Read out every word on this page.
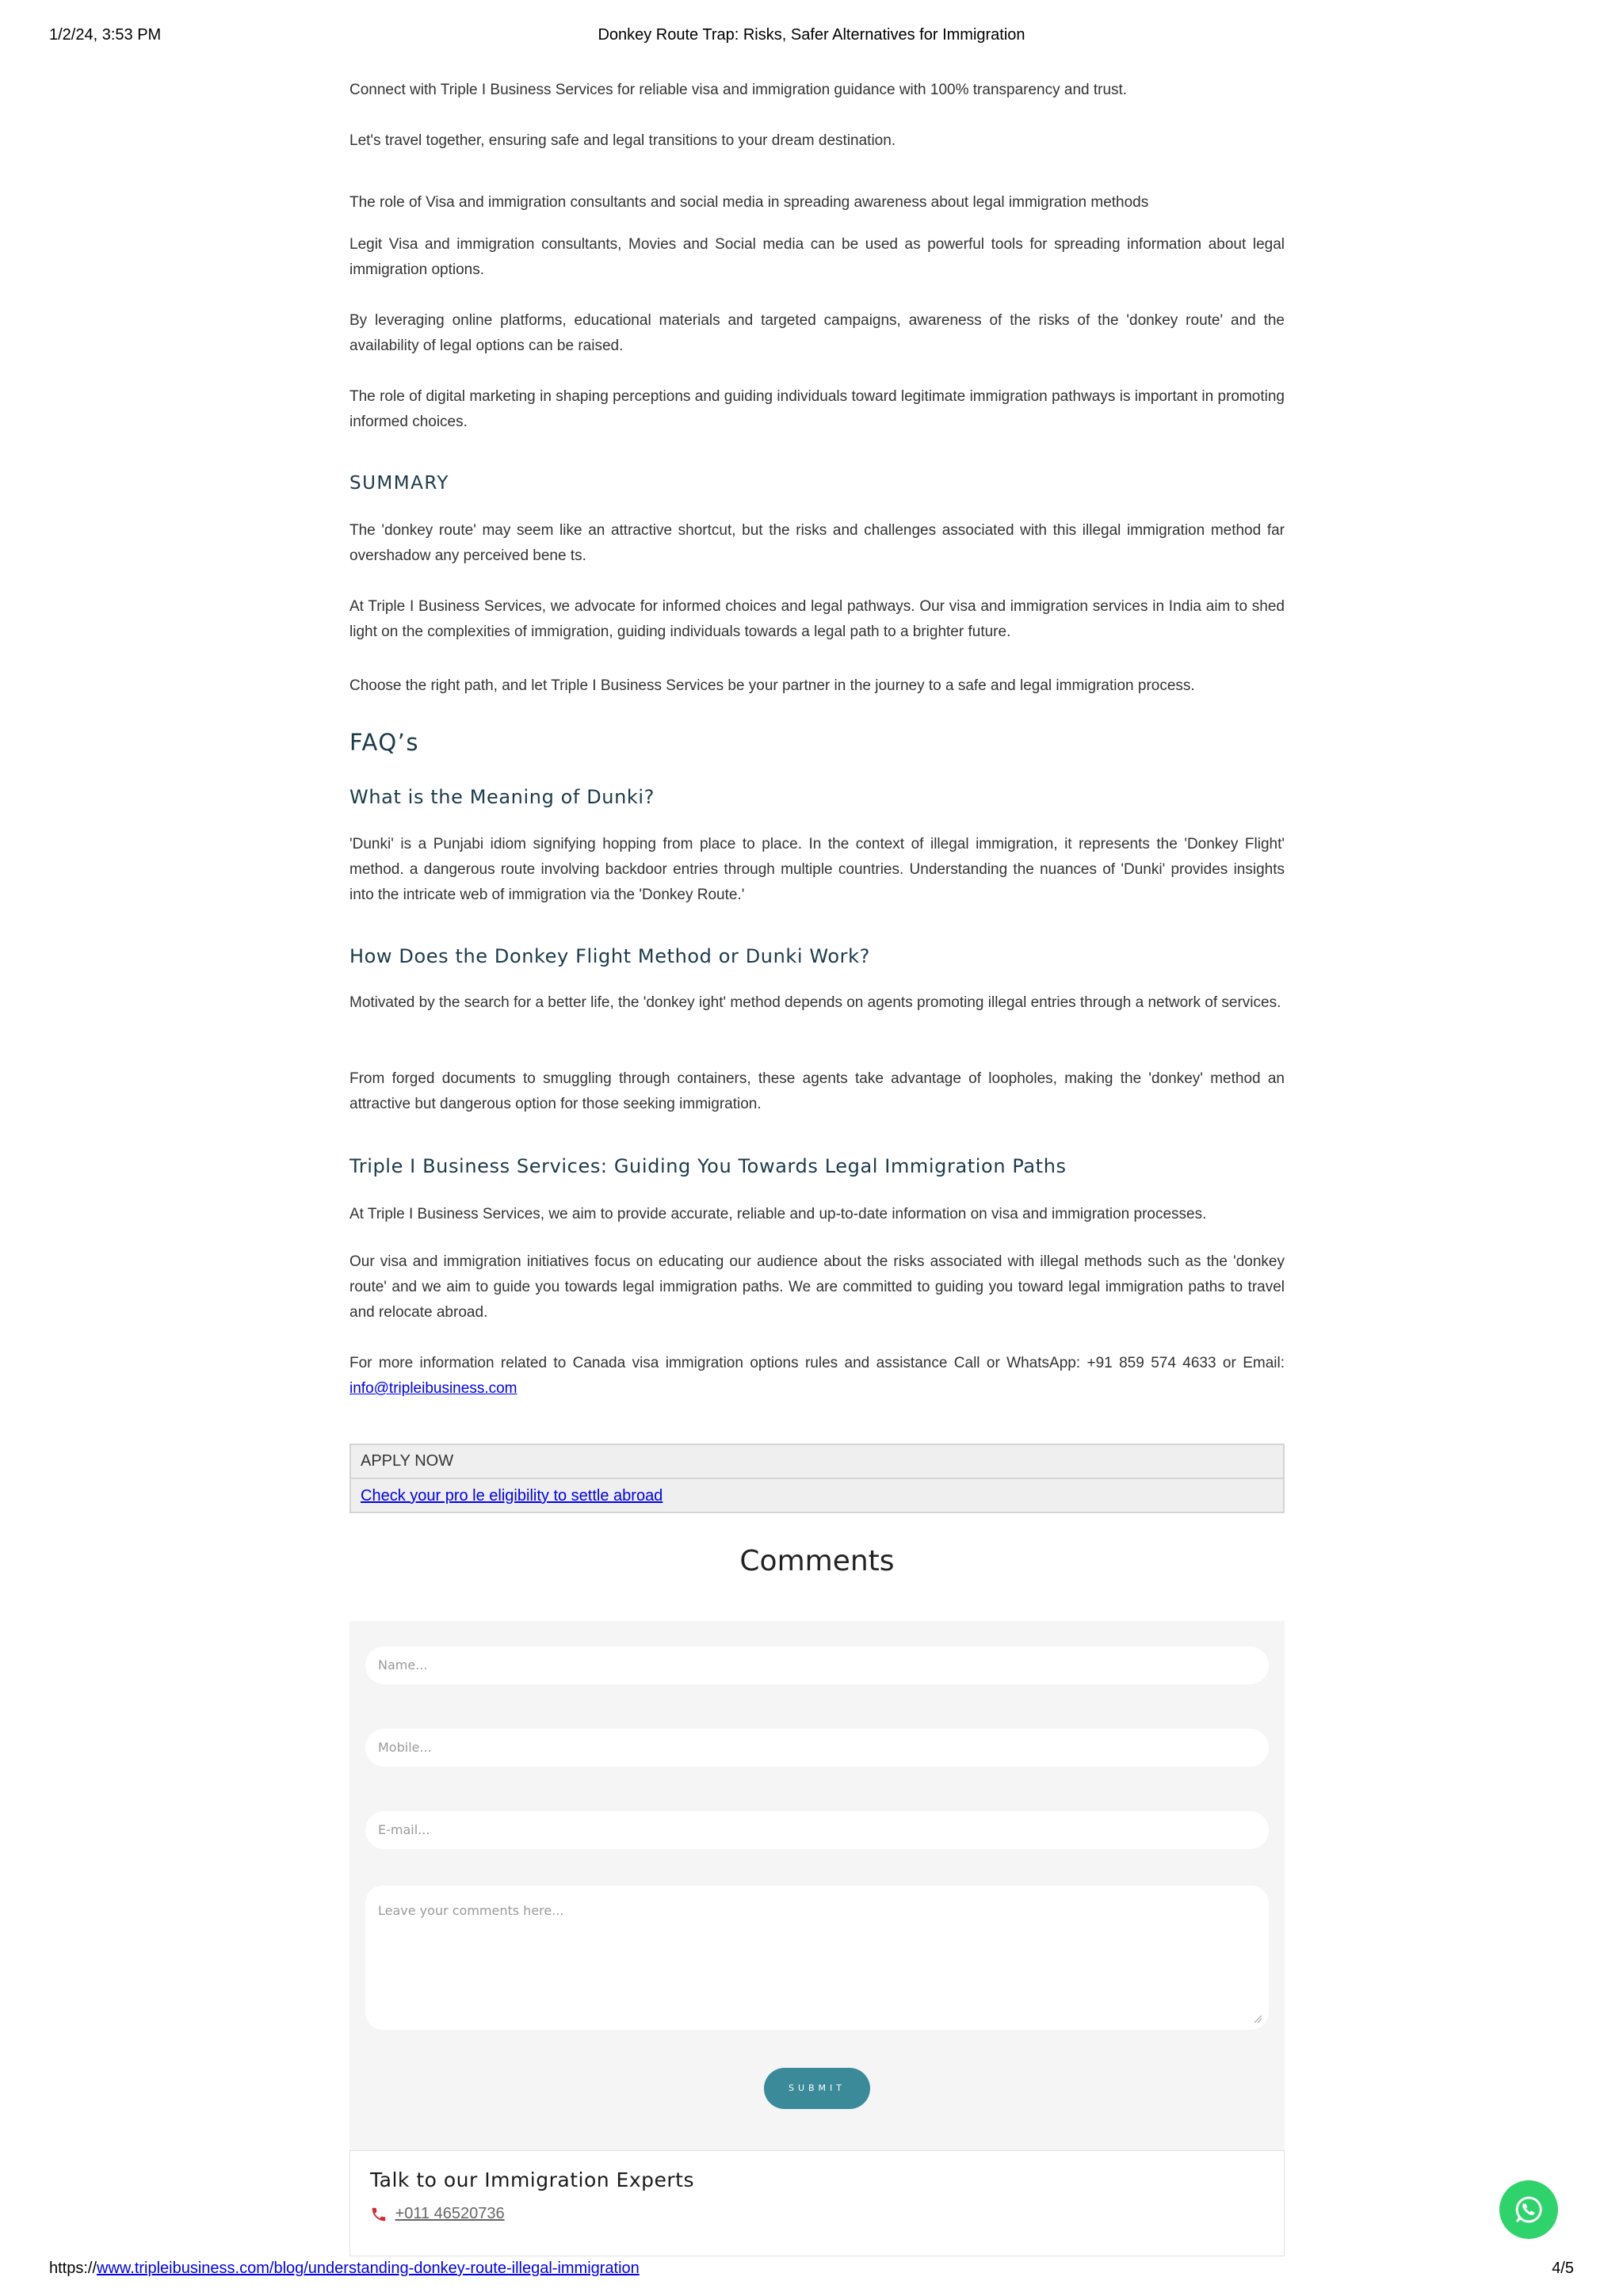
1/2/24, 3:53 PM	Donkey Route Trap: Risks, Safer Alternatives for Immigration
Connect with Triple I Business Services for reliable visa and immigration guidance with 100% transparency and trust.
Let's travel together, ensuring safe and legal transitions to your dream destination.
The role of Visa and immigration consultants and social media in spreading awareness about legal immigration methods
Legit Visa and immigration consultants, Movies and Social media can be used as powerful tools for spreading information about legal immigration options.
By leveraging online platforms, educational materials and targeted campaigns, awareness of the risks of the 'donkey route' and the availability of legal options can be raised.
The role of digital marketing in shaping perceptions and guiding individuals toward legitimate immigration pathways is important in promoting informed choices.
SUMMARY
The 'donkey route' may seem like an attractive shortcut, but the risks and challenges associated with this illegal immigration method far overshadow any perceived bene ts.
At Triple I Business Services, we advocate for informed choices and legal pathways. Our visa and immigration services in India aim to shed light on the complexities of immigration, guiding individuals towards a legal path to a brighter future.
Choose the right path, and let Triple I Business Services be your partner in the journey to a safe and legal immigration process.
FAQ’s
What is the Meaning of Dunki?
'Dunki' is a Punjabi idiom signifying hopping from place to place. In the context of illegal immigration, it represents the 'Donkey Flight' method. a dangerous route involving backdoor entries through multiple countries. Understanding the nuances of 'Dunki' provides insights into the intricate web of immigration via the 'Donkey Route.'
How Does the Donkey Flight Method or Dunki Work?
Motivated by the search for a better life, the 'donkey ight' method depends on agents promoting illegal entries through a network of services.
From forged documents to smuggling through containers, these agents take advantage of loopholes, making the 'donkey' method an attractive but dangerous option for those seeking immigration.
Triple I Business Services: Guiding You Towards Legal Immigration Paths
At Triple I Business Services, we aim to provide accurate, reliable and up-to-date information on visa and immigration processes.
Our visa and immigration initiatives focus on educating our audience about the risks associated with illegal methods such as the 'donkey route' and we aim to guide you towards legal immigration paths. We are committed to guiding you toward legal immigration paths to travel and relocate abroad.
For more information related to Canada visa immigration options rules and assistance Call or WhatsApp: +91 859 574 4633 or Email: info@tripleibusiness.com
APPLY NOW
Check your pro le eligibility to settle abroad
Comments
Name...
Mobile...
E-mail...
Leave your comments here...
SUBMIT
Talk to our Immigration Experts
+011 46520736
https://www.tripleibusiness.com/blog/understanding-donkey-route-illegal-immigration	4/5
